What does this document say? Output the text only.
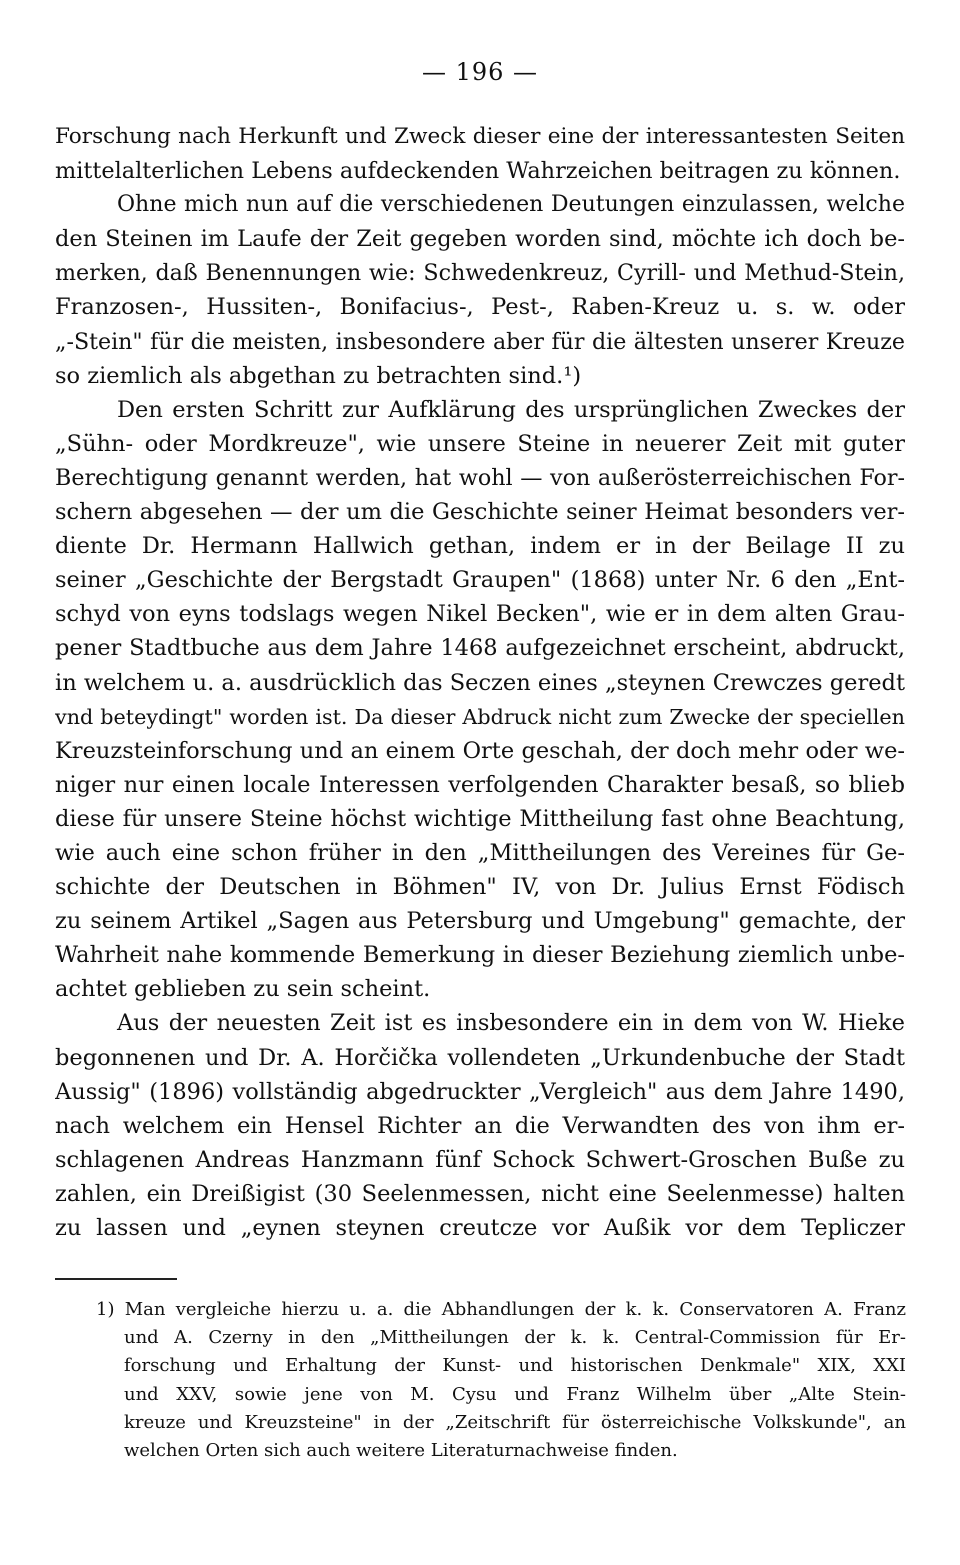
— 196 —
Forschung nach Herkunft und Zweck dieser eine der interessantesten Seiten
mittelalterlichen Lebens aufdeckenden Wahrzeichen beitragen zu können.
Ohne mich nun auf die verschiedenen Deutungen einzulassen, welche
den Steinen im Laufe der Zeit gegeben worden sind, möchte ich doch be-
merken, daß Benennungen wie: Schwedenkreuz, Cyrill- und Methud-Stein,
Franzosen-, Hussiten-, Bonifacius-, Pest-, Raben-Kreuz u. s. w. oder
„-Stein" für die meisten, insbesondere aber für die ältesten unserer Kreuze
so ziemlich als abgethan zu betrachten sind.¹)
Den ersten Schritt zur Aufklärung des ursprünglichen Zweckes der
„Sühn- oder Mordkreuze", wie unsere Steine in neuerer Zeit mit guter
Berechtigung genannt werden, hat wohl — von außerösterreichischen For-
schern abgesehen — der um die Geschichte seiner Heimat besonders ver-
diente Dr. Hermann Hallwich gethan, indem er in der Beilage II zu
seiner „Geschichte der Bergstadt Graupen" (1868) unter Nr. 6 den „Ent-
schyd von eyns todslags wegen Nikel Becken", wie er in dem alten Grau-
pener Stadtbuche aus dem Jahre 1468 aufgezeichnet erscheint, abdruckt,
in welchem u. a. ausdrücklich das Seczen eines „steynen Crewczes geredt
vnd beteydingt" worden ist. Da dieser Abdruck nicht zum Zwecke der speciellen
Kreuzsteinforschung und an einem Orte geschah, der doch mehr oder we-
niger nur einen locale Interessen verfolgenden Charakter besaß, so blieb
diese für unsere Steine höchst wichtige Mittheilung fast ohne Beachtung,
wie auch eine schon früher in den „Mittheilungen des Vereines für Ge-
schichte der Deutschen in Böhmen" IV, von Dr. Julius Ernst Födisch
zu seinem Artikel „Sagen aus Petersburg und Umgebung" gemachte, der
Wahrheit nahe kommende Bemerkung in dieser Beziehung ziemlich unbe-
achtet geblieben zu sein scheint.
Aus der neuesten Zeit ist es insbesondere ein in dem von W. Hieke
begonnenen und Dr. A. Horčička vollendeten „Urkundenbuche der Stadt
Aussig" (1896) vollständig abgedruckter „Vergleich" aus dem Jahre 1490,
nach welchem ein Hensel Richter an die Verwandten des von ihm er-
schlagenen Andreas Hanzmann fünf Schock Schwert-Groschen Buße zu
zahlen, ein Dreißigist (30 Seelenmessen, nicht eine Seelenmesse) halten
zu lassen und „eynen steynen creutcze vor Außik vor dem Tepliczer
1) Man vergleiche hierzu u. a. die Abhandlungen der k. k. Conservatoren A. Franz
und A. Czerny in den „Mittheilungen der k. k. Central-Commission für Er-
forschung und Erhaltung der Kunst- und historischen Denkmale" XIX, XXI
und XXV, sowie jene von M. Cysu und Franz Wilhelm über „Alte Stein-
kreuze und Kreuzsteine" in der „Zeitschrift für österreichische Volkskunde", an
welchen Orten sich auch weitere Literaturnachweise finden.
